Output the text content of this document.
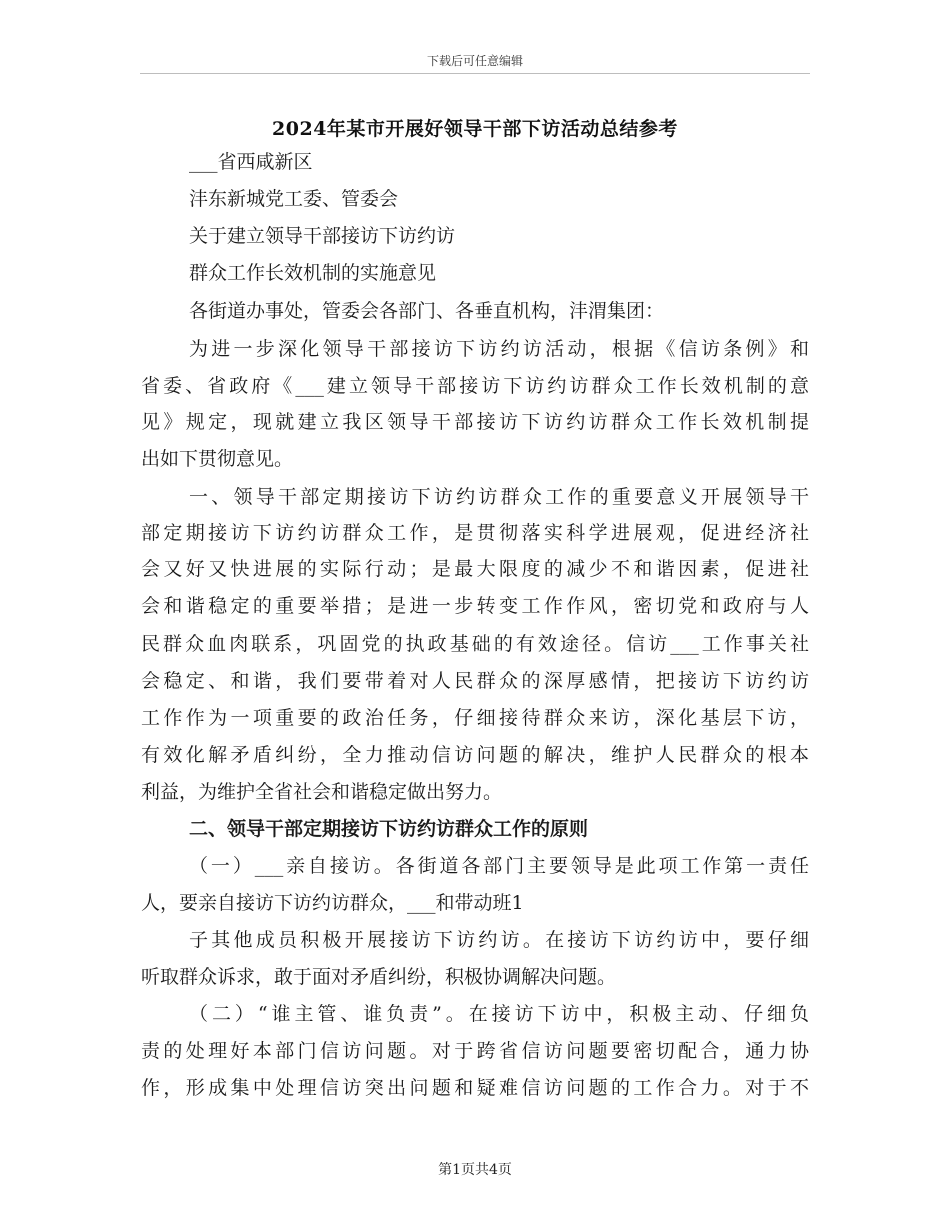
下载后可任意编辑
2024年某市开展好领导干部下访活动总结参考
___省西咸新区
沣东新城党工委、管委会
关于建立领导干部接访下访约访
群众工作长效机制的实施意见
各街道办事处，管委会各部门、各垂直机构，沣渭集团：
为进一步深化领导干部接访下访约访活动，根据《信访条例》和
省委、省政府《___建立领导干部接访下访约访群众工作长效机制的意
见》规定，现就建立我区领导干部接访下访约访群众工作长效机制提
出如下贯彻意见。
一、领导干部定期接访下访约访群众工作的重要意义开展领导干
部定期接访下访约访群众工作，是贯彻落实科学进展观，促进经济社
会又好又快进展的实际行动；是最大限度的减少不和谐因素，促进社
会和谐稳定的重要举措；是进一步转变工作作风，密切党和政府与人
民群众血肉联系，巩固党的执政基础的有效途径。信访___工作事关社
会稳定、和谐，我们要带着对人民群众的深厚感情，把接访下访约访
工作作为一项重要的政治任务，仔细接待群众来访，深化基层下访，
有效化解矛盾纠纷，全力推动信访问题的解决，维护人民群众的根本
利益，为维护全省社会和谐稳定做出努力。
二、领导干部定期接访下访约访群众工作的原则
（一）___亲自接访。各街道各部门主要领导是此项工作第一责任
人，要亲自接访下访约访群众，___和带动班1
子其他成员积极开展接访下访约访。在接访下访约访中，要仔细
听取群众诉求，敢于面对矛盾纠纷，积极协调解决问题。
（二）“谁主管、谁负责”。在接访下访中，积极主动、仔细负
责的处理好本部门信访问题。对于跨省信访问题要密切配合，通力协
作，形成集中处理信访突出问题和疑难信访问题的工作合力。对于不
第1页共4页
